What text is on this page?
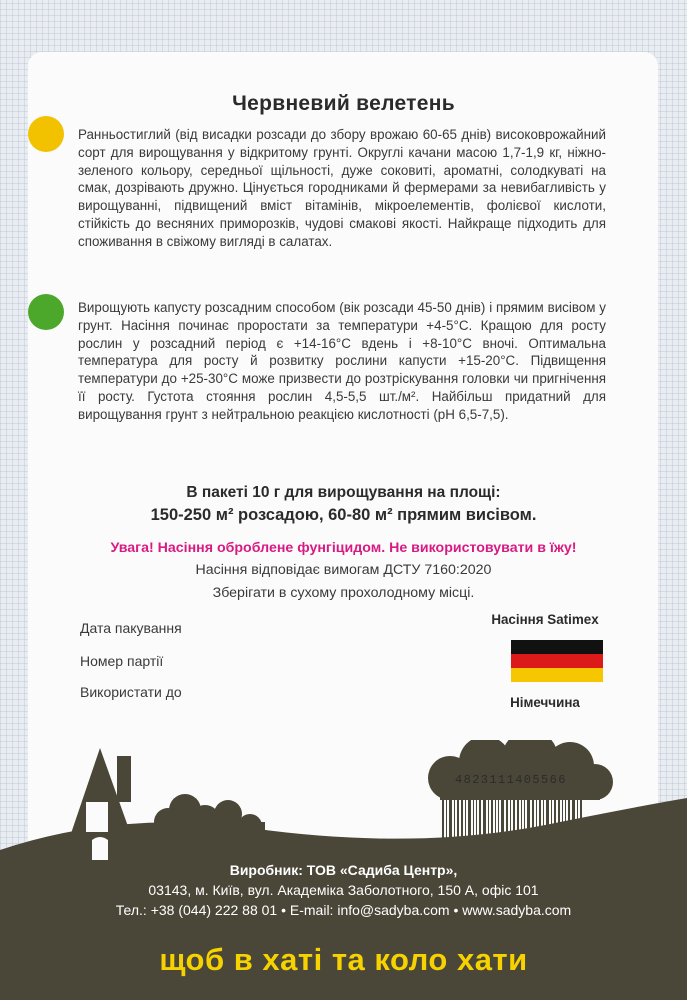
Червневий велетень

Ранньостиглий (від висадки розсади до збору врожаю 60-65 днів) високоврожайний сорт для вирощування у відкритому грунті. Округлі качани масою 1,7-1,9 кг, ніжно-зеленого кольору, середньої щільності, дуже соковиті, ароматні, солодкуваті на смак, дозрівають дружно. Цінується городниками й фермерами за невибагливість у вирощуванні, підвищений вміст вітамінів, мікроелементів, фолієвої кислоти, стійкість до весняних приморозків, чудові смакові якості. Найкраще підходить для споживання в свіжому вигляді в салатах.

Вирощують капусту розсадним способом (вік розсади 45-50 днів) і прямим висівом у грунт. Насіння починає проростати за температури +4-5°С. Кращою для росту рослин у розсадний період є +14-16°С вдень і +8-10°С вночі. Оптимальна температура для росту й розвитку рослини капусти +15-20°С. Підвищення температури до +25-30°С може призвести до розтріскування головки чи пригнічення її росту. Густота стояння рослин 4,5-5,5 шт./м². Найбільш придатний для вирощування грунт з нейтральною реакцією кислотності (рН 6,5-7,5).

В пакеті 10 г для вирощування на площі:
150-250 м² розсадою, 60-80 м² прямим висівом.
Увага! Насіння оброблене фунгіцидом. Не використовувати в їжу!
Насіння відповідає вимогам ДСТУ 7160:2020
Зберігати в сухому прохолодному місці.
Дата пакування
Номер партії
Використати до
Насіння Satimex
Німеччина
4823111405566
Виробник: ТОВ «Садиба Центр»,
03143, м. Київ, вул. Академіка Заболотного, 150 А, офіс 101
Тел.: +38 (044) 222 88 01 • E-mail: info@sadyba.com • www.sadyba.com
щоб в хаті та коло хати
